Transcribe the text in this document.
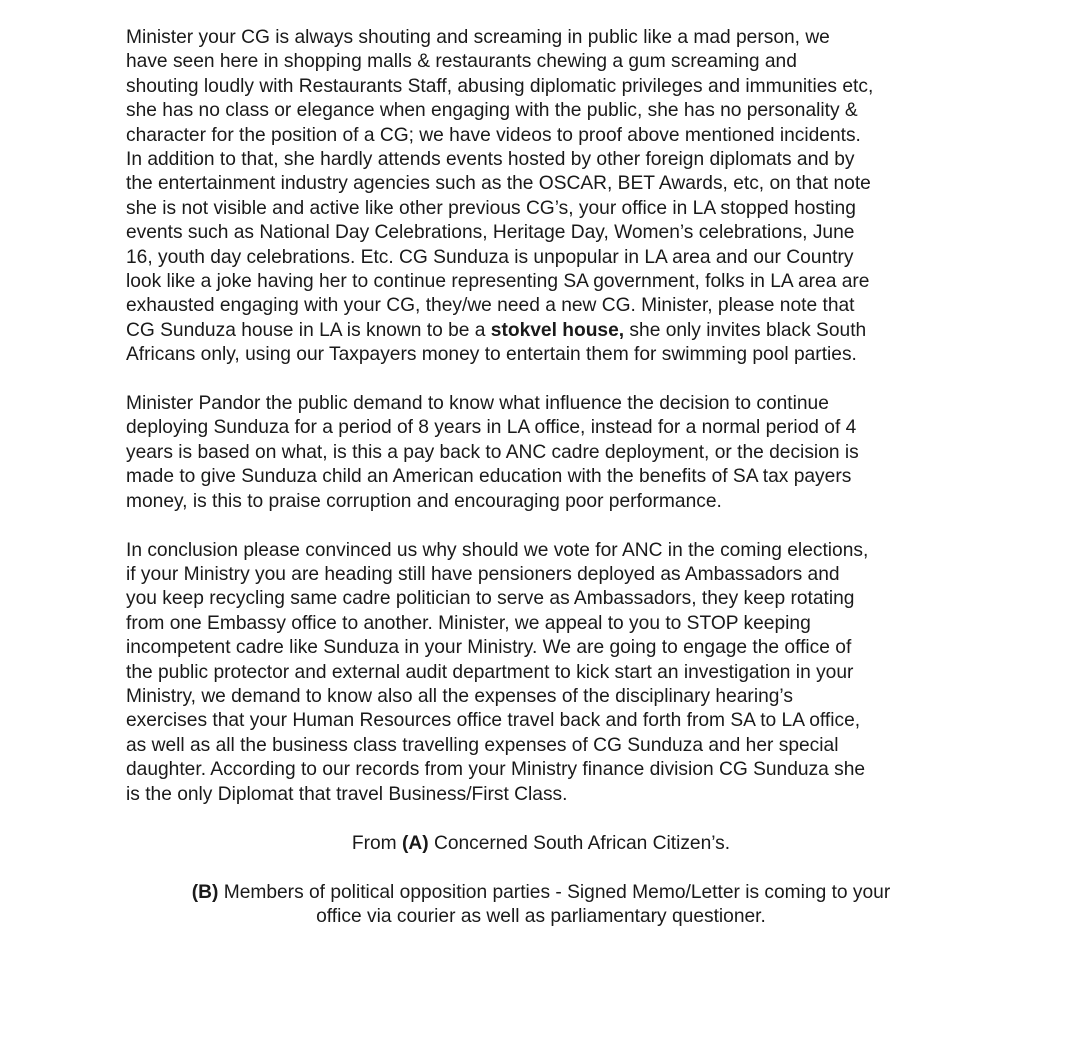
Minister your CG is always shouting and screaming in public like a mad person, we
have seen here in shopping malls & restaurants chewing a gum screaming and
shouting loudly with Restaurants Staff, abusing diplomatic privileges and immunities etc,
she has no class or elegance when engaging with the public, she has no personality &
character for the position of a CG; we have videos to proof above mentioned incidents.
In addition to that, she hardly attends events hosted by other foreign diplomats and by
the entertainment industry agencies such as the OSCAR, BET Awards, etc, on that note
she is not visible and active like other previous CG’s, your office in LA stopped hosting
events such as National Day Celebrations, Heritage Day, Women’s celebrations, June
16, youth day celebrations. Etc. CG Sunduza is unpopular in LA area and our Country
look like a joke having her to continue representing SA government, folks in LA area are
exhausted engaging with your CG, they/we need a new CG. Minister, please note that
CG Sunduza house in LA is known to be a stokvel house, she only invites black South
Africans only, using our Taxpayers money to entertain them for swimming pool parties.
Minister Pandor the public demand to know what influence the decision to continue
deploying Sunduza for a period of 8 years in LA office, instead for a normal period of 4
years is based on what, is this a pay back to ANC cadre deployment, or the decision is
made to give Sunduza child an American education with the benefits of SA tax payers
money, is this to praise corruption and encouraging poor performance.
In conclusion please convinced us why should we vote for ANC in the coming elections,
if your Ministry you are heading still have pensioners deployed as Ambassadors and
you keep recycling same cadre politician to serve as Ambassadors, they keep rotating
from one Embassy office to another. Minister, we appeal to you to STOP keeping
incompetent cadre like Sunduza in your Ministry. We are going to engage the office of
the public protector and external audit department to kick start an investigation in your
Ministry, we demand to know also all the expenses of the disciplinary hearing’s
exercises that your Human Resources office travel back and forth from SA to LA office,
as well as all the business class travelling expenses of CG Sunduza and her special
daughter. According to our records from your Ministry finance division CG Sunduza she
is the only Diplomat that travel Business/First Class.
From (A) Concerned South African Citizen’s.
(B) Members of political opposition parties - Signed Memo/Letter is coming to your
office via courier as well as parliamentary questioner.
